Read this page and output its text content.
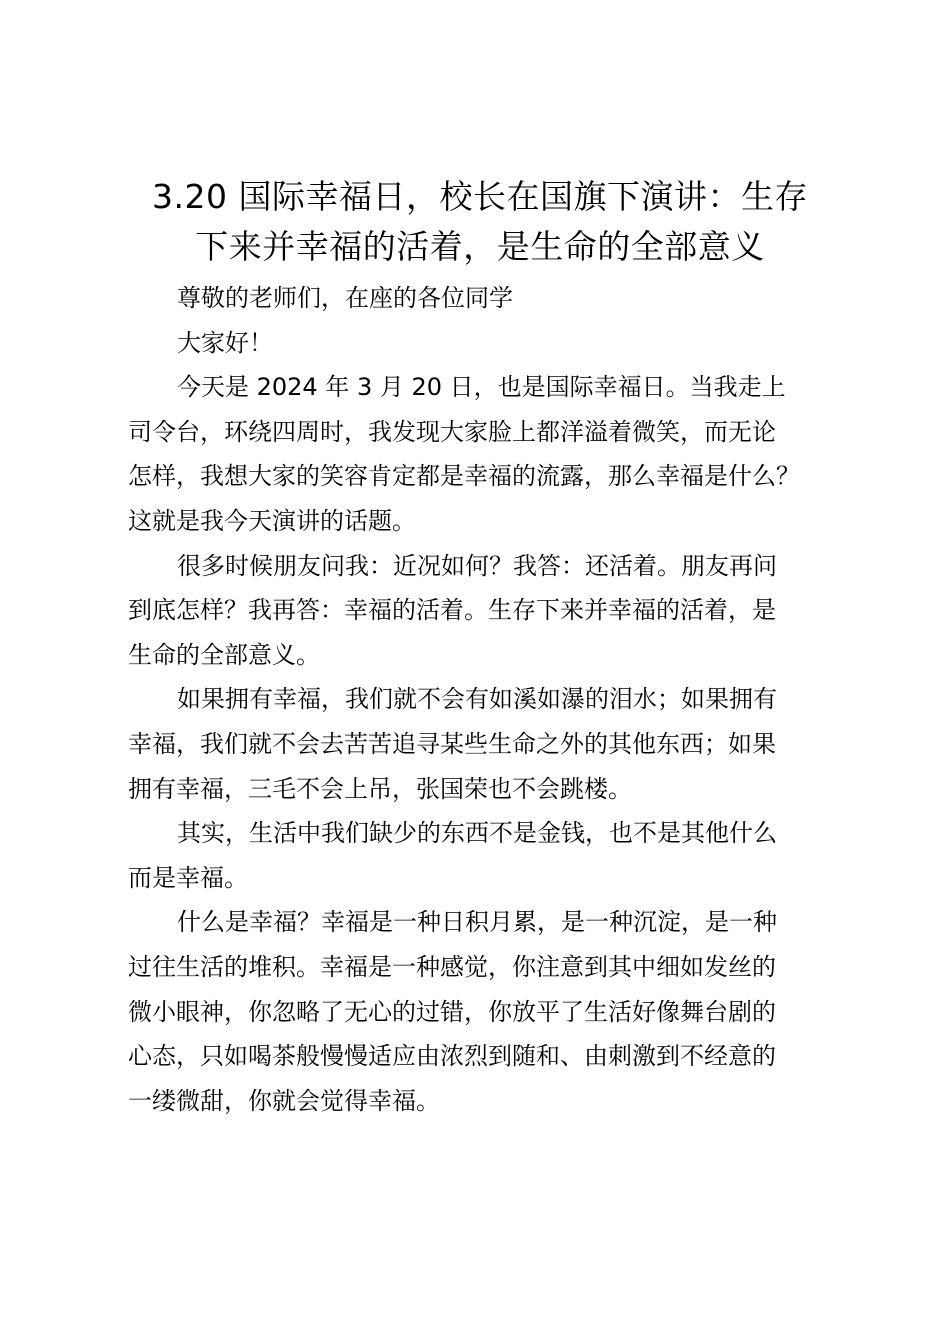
3.20 国际幸福日，校长在国旗下演讲：生存
下来并幸福的活着，是生命的全部意义

尊敬的老师们，在座的各位同学

大家好！

今天是 2024 年 3 月 20 日，也是国际幸福日。当我走上
司令台，环绕四周时，我发现大家脸上都洋溢着微笑，而无论
怎样，我想大家的笑容肯定都是幸福的流露，那么幸福是什么？
这就是我今天演讲的话题。

很多时候朋友问我：近况如何？我答：还活着。朋友再问
到底怎样？我再答：幸福的活着。生存下来并幸福的活着，是
生命的全部意义。

如果拥有幸福，我们就不会有如溪如瀑的泪水；如果拥有
幸福，我们就不会去苦苦追寻某些生命之外的其他东西；如果
拥有幸福，三毛不会上吊，张国荣也不会跳楼。

其实，生活中我们缺少的东西不是金钱，也不是其他什么
而是幸福。

什么是幸福？幸福是一种日积月累，是一种沉淀，是一种
过往生活的堆积。幸福是一种感觉，你注意到其中细如发丝的
微小眼神，你忽略了无心的过错，你放平了生活好像舞台剧的
心态，只如喝茶般慢慢适应由浓烈到随和、由刺激到不经意的
一缕微甜，你就会觉得幸福。
